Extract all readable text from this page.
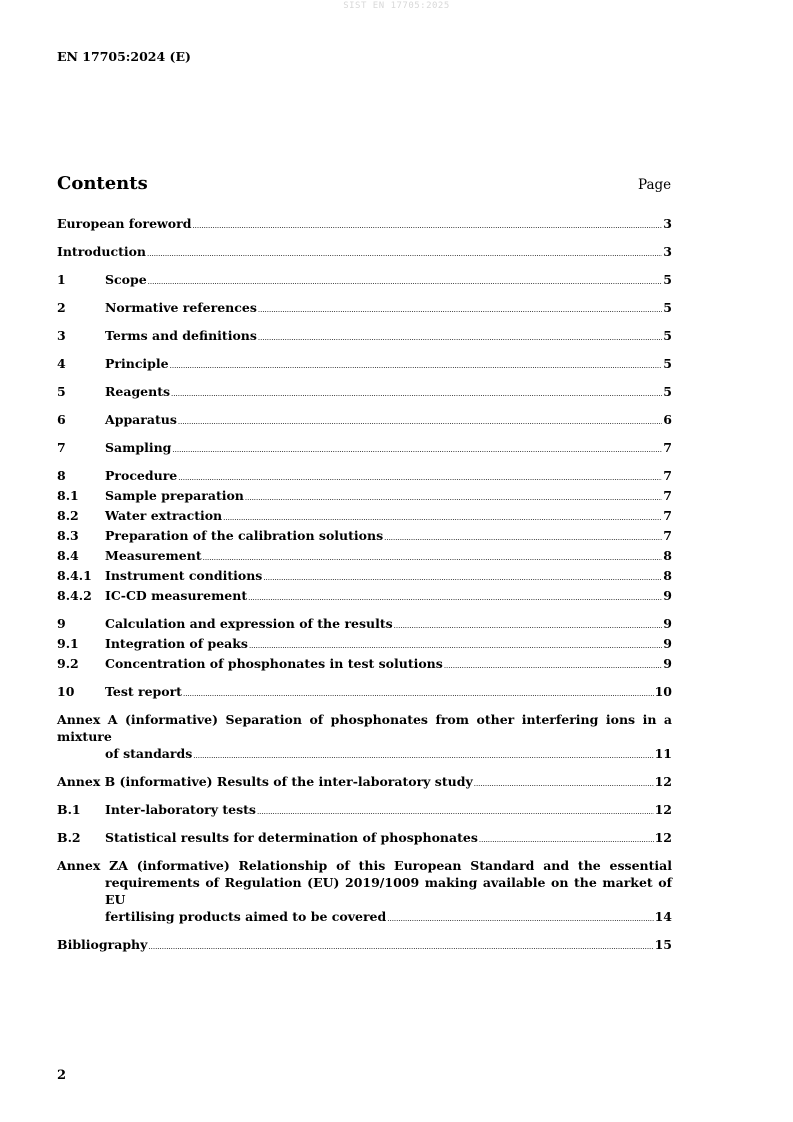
SIST EN 17705:2025
EN 17705:2024 (E)
Contents	Page
European foreword .....	3
Introduction .....	3
1	Scope .....	5
2	Normative references .....	5
3	Terms and definitions .....	5
4	Principle .....	5
5	Reagents .....	5
6	Apparatus .....	6
7	Sampling .....	7
8	Procedure .....	7
8.1	Sample preparation .....	7
8.2	Water extraction .....	7
8.3	Preparation of the calibration solutions .....	7
8.4	Measurement .....	8
8.4.1	Instrument conditions .....	8
8.4.2	IC-CD measurement .....	9
9	Calculation and expression of the results .....	9
9.1	Integration of peaks .....	9
9.2	Concentration of phosphonates in test solutions .....	9
10	Test report .....	10
Annex A (informative) Separation of phosphonates from other interfering ions in a mixture
of standards .....	11
Annex B (informative) Results of the inter-laboratory study .....	12
B.1	Inter-laboratory tests .....	12
B.2	Statistical results for determination of phosphonates .....	12
Annex ZA (informative) Relationship of this European Standard and the essential
requirements of Regulation (EU) 2019/1009 making available on the market of EU
fertilising products aimed to be covered .....	14
Bibliography .....	15
2
